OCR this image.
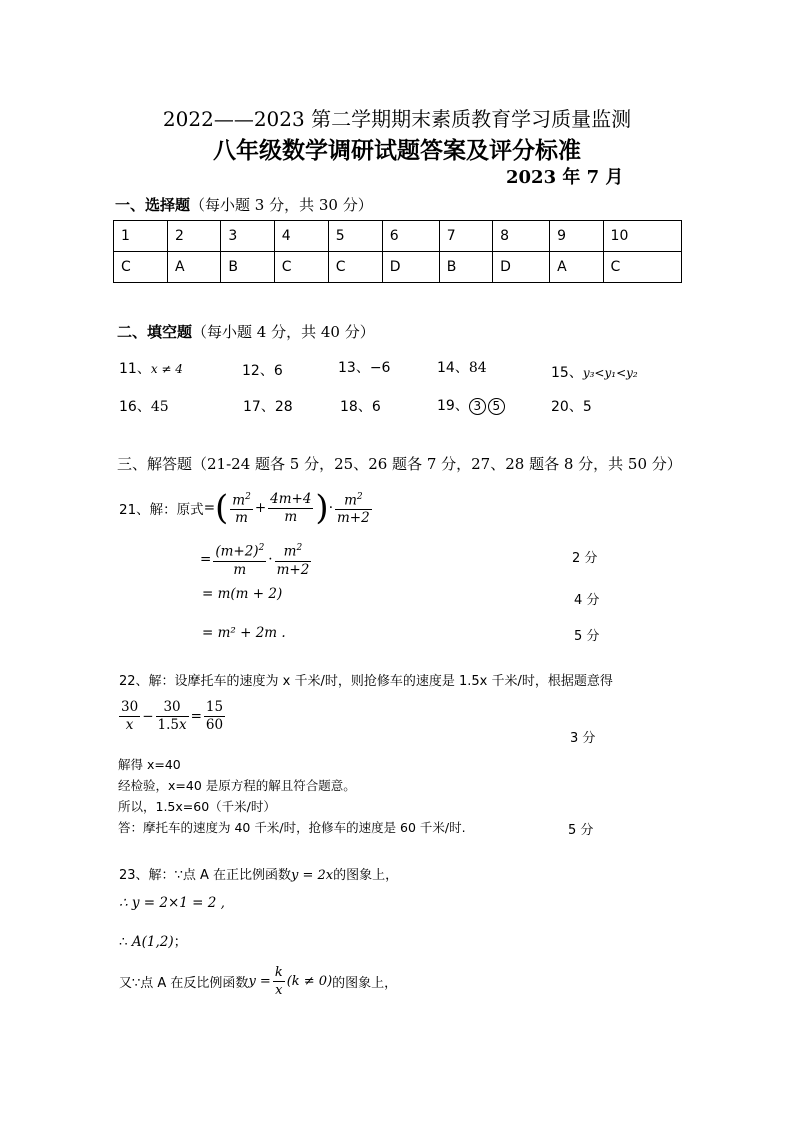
2022——2023 第二学期期末素质教育学习质量监测
八年级数学调研试题答案及评分标准
2023 年 7 月
一、选择题（每小题 3 分，共 30 分）
1	2	3	4	5	6	7	8	9	10
C	A	B	C	C	D	B	D	A	C
二、填空题（每小题 4 分，共 40 分）
11、x ≠ 4	12、6	13、−6	14、84	15、y₃<y₁<y₂
16、45	17、28	18、6	19、 3 5	20、5
三、解答题（21-24 题各 5 分，25、26 题各 7 分，27、28 题各 8 分，共 50 分）
21、解：原式=( $\frac{m^2}{m} + \frac{4m+4}{m}$ )· $\frac{m^2}{m+2}$
= $\frac{(m+2)^2}{m} \cdot \frac{m^2}{m+2}$	2 分
= m(m + 2)	4 分
= m² + 2m .	5 分
22、解：设摩托车的速度为 x 千米/时，则抢修车的速度是 1.5x 千米/时，根据题意得
$\frac{30}{x} - \frac{30}{1.5x} = \frac{15}{60}$
3 分
解得 x=40
经检验，x=40 是原方程的解且符合题意。
所以，1.5x=60（千米/时）
答：摩托车的速度为 40 千米/时，抢修车的速度是 60 千米/时.	5 分
23、解：∵点 A 在正比例函数y = 2x的图象上，
∴ y = 2×1 = 2 ,
∴ A(1,2)；
又∵点 A 在反比例函数$y = \frac{k}{x} (k \ne 0)$的图象上，
